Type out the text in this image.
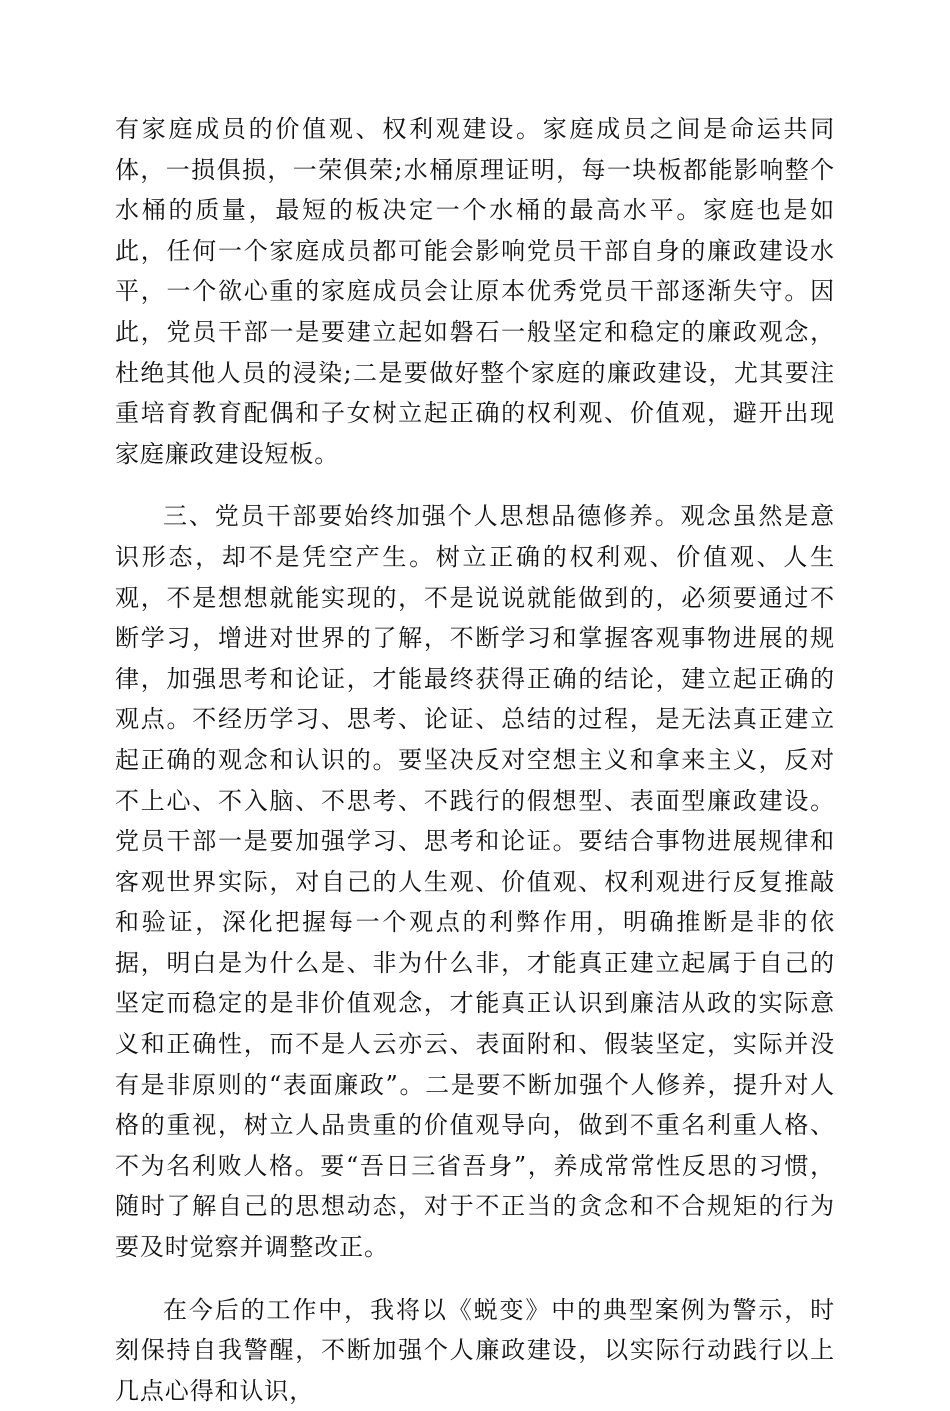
有家庭成员的价值观、权利观建设。家庭成员之间是命运共同体，一损俱损，一荣俱荣;水桶原理证明，每一块板都能影响整个水桶的质量，最短的板决定一个水桶的最高水平。家庭也是如此，任何一个家庭成员都可能会影响党员干部自身的廉政建设水平，一个欲心重的家庭成员会让原本优秀党员干部逐渐失守。因此，党员干部一是要建立起如磐石一般坚定和稳定的廉政观念，杜绝其他人员的浸染;二是要做好整个家庭的廉政建设，尤其要注重培育教育配偶和子女树立起正确的权利观、价值观，避开出现家庭廉政建设短板。

三、党员干部要始终加强个人思想品德修养。观念虽然是意识形态，却不是凭空产生。树立正确的权利观、价值观、人生观，不是想想就能实现的，不是说说就能做到的，必须要通过不断学习，增进对世界的了解，不断学习和掌握客观事物进展的规律，加强思考和论证，才能最终获得正确的结论，建立起正确的观点。不经历学习、思考、论证、总结的过程，是无法真正建立起正确的观念和认识的。要坚决反对空想主义和拿来主义，反对不上心、不入脑、不思考、不践行的假想型、表面型廉政建设。党员干部一是要加强学习、思考和论证。要结合事物进展规律和客观世界实际，对自己的人生观、价值观、权利观进行反复推敲和验证，深化把握每一个观点的利弊作用，明确推断是非的依据，明白是为什么是、非为什么非，才能真正建立起属于自己的坚定而稳定的是非价值观念，才能真正认识到廉洁从政的实际意义和正确性，而不是人云亦云、表面附和、假装坚定，实际并没有是非原则的“表面廉政”。二是要不断加强个人修养，提升对人格的重视，树立人品贵重的价值观导向，做到不重名利重人格、不为名利败人格。要“吾日三省吾身”，养成常常性反思的习惯，随时了解自己的思想动态，对于不正当的贪念和不合规矩的行为要及时觉察并调整改正。

在今后的工作中，我将以《蜕变》中的典型案例为警示，时刻保持自我警醒，不断加强个人廉政建设，以实际行动践行以上几点心得和认识，
